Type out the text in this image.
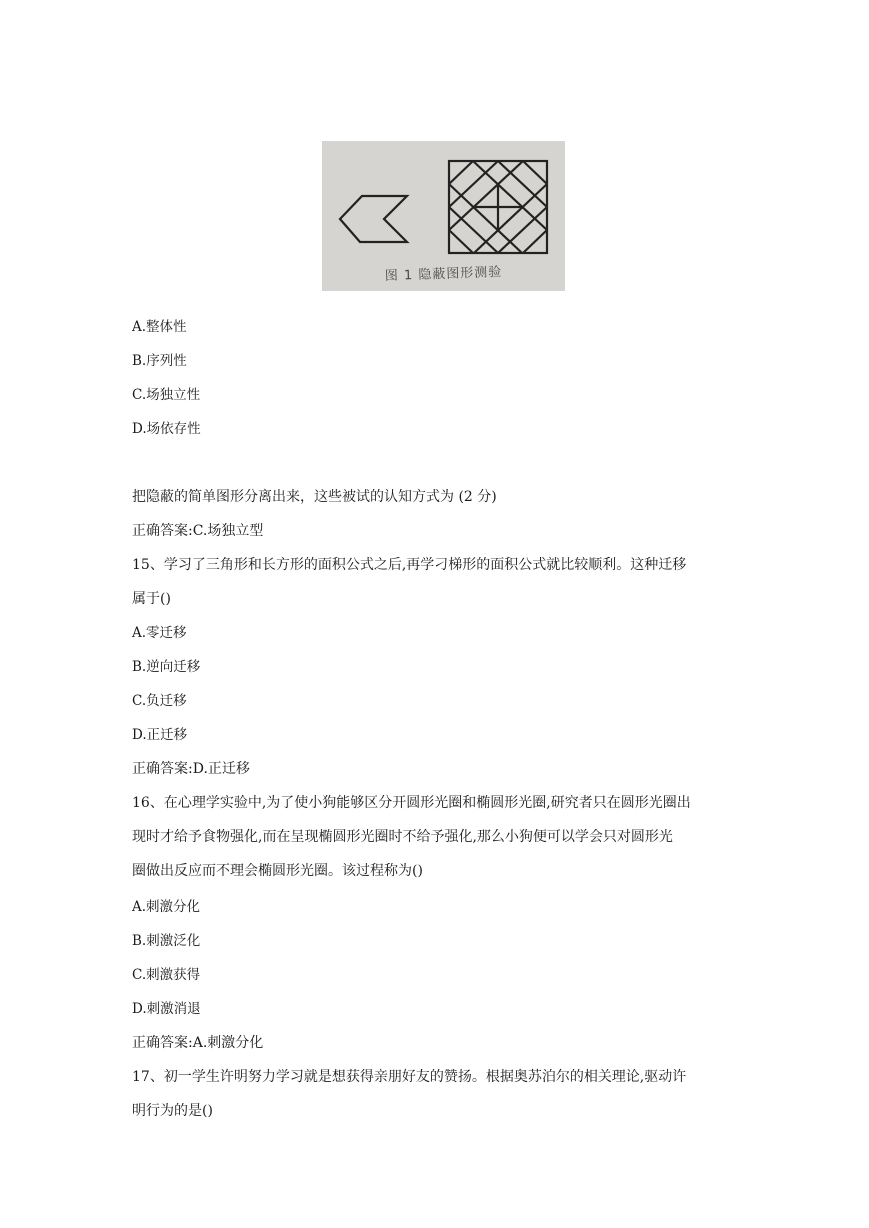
图 1 隐蔽图形测验
A.整体性
B.序列性
C.场独立性
D.场依存性
把隐蔽的简单图形分离出来，这些被试的认知方式为 (2 分)
正确答案:C.场独立型
15、学习了三角形和长方形的面积公式之后,再学刁梯形的面积公式就比较顺利。这种迁移
属于()
A.零迁移
B.逆向迁移
C.负迁移
D.正迁移
正确答案:D.正迁移
16、在心理学实验中,为了使小狗能够区分开圆形光圈和椭圆形光圈,研究者只在圆形光圈出
现时才给予食物强化,而在呈现椭圆形光圈时不给予强化,那么小狗便可以学会只对圆形光
圈做出反应而不理会椭圆形光圈。该过程称为()
A.刺激分化
B.刺激泛化
C.刺激获得
D.刺激消退
正确答案:A.刺激分化
17、初一学生许明努力学习就是想获得亲朋好友的赞扬。根据奥苏泊尔的相关理论,驱动许
明行为的是()
